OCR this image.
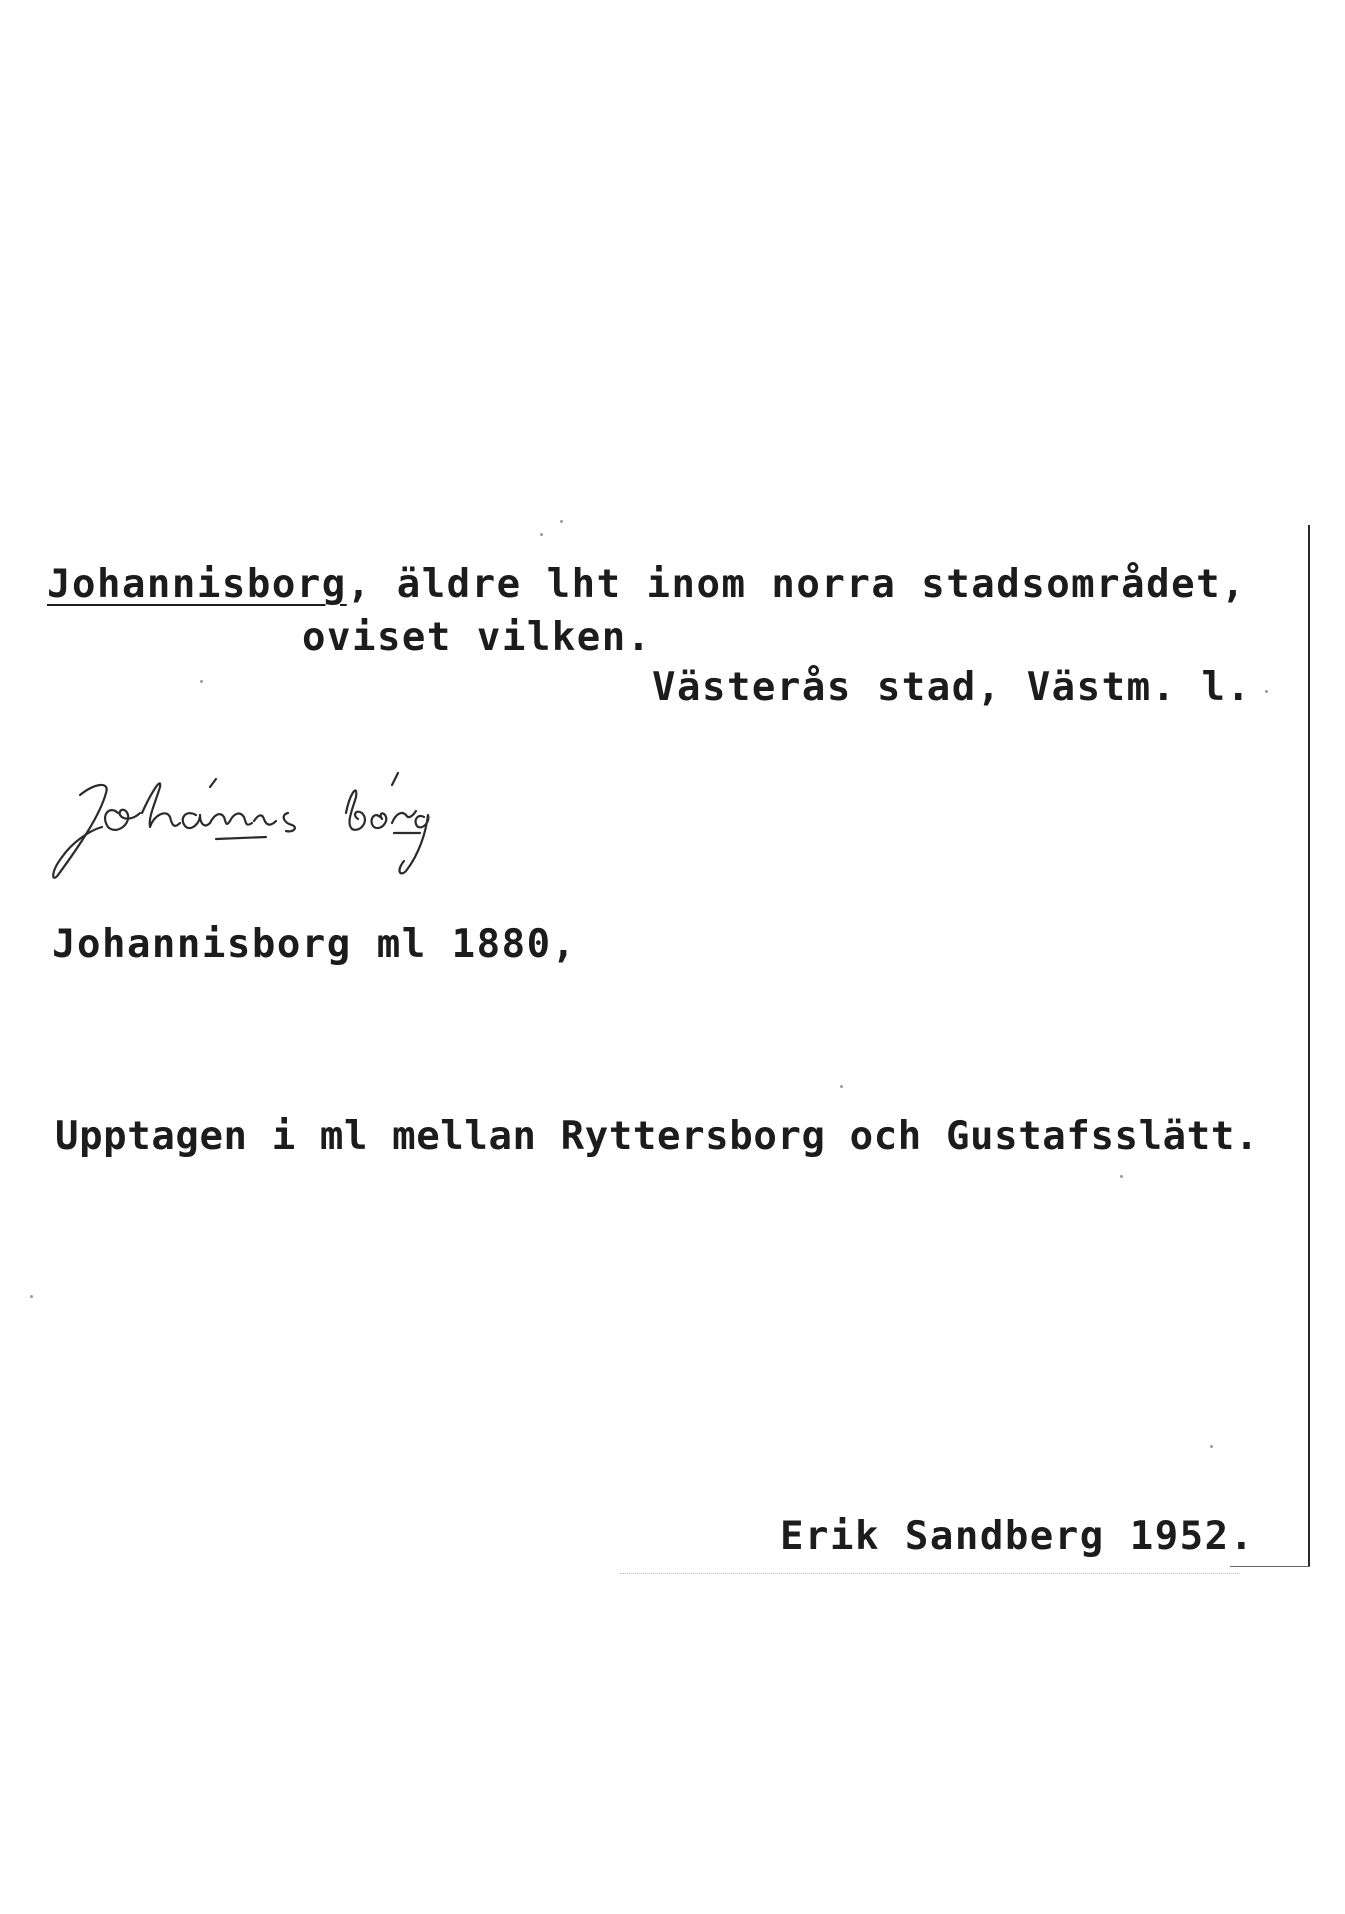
Johannisborg, äldre lht inom norra stadsområdet,
oviset vilken.
Västerås stad, Västm. l.
Johannisborg ml 1880,
Upptagen i ml mellan Ryttersborg och Gustafsslätt.
Erik Sandberg 1952.
